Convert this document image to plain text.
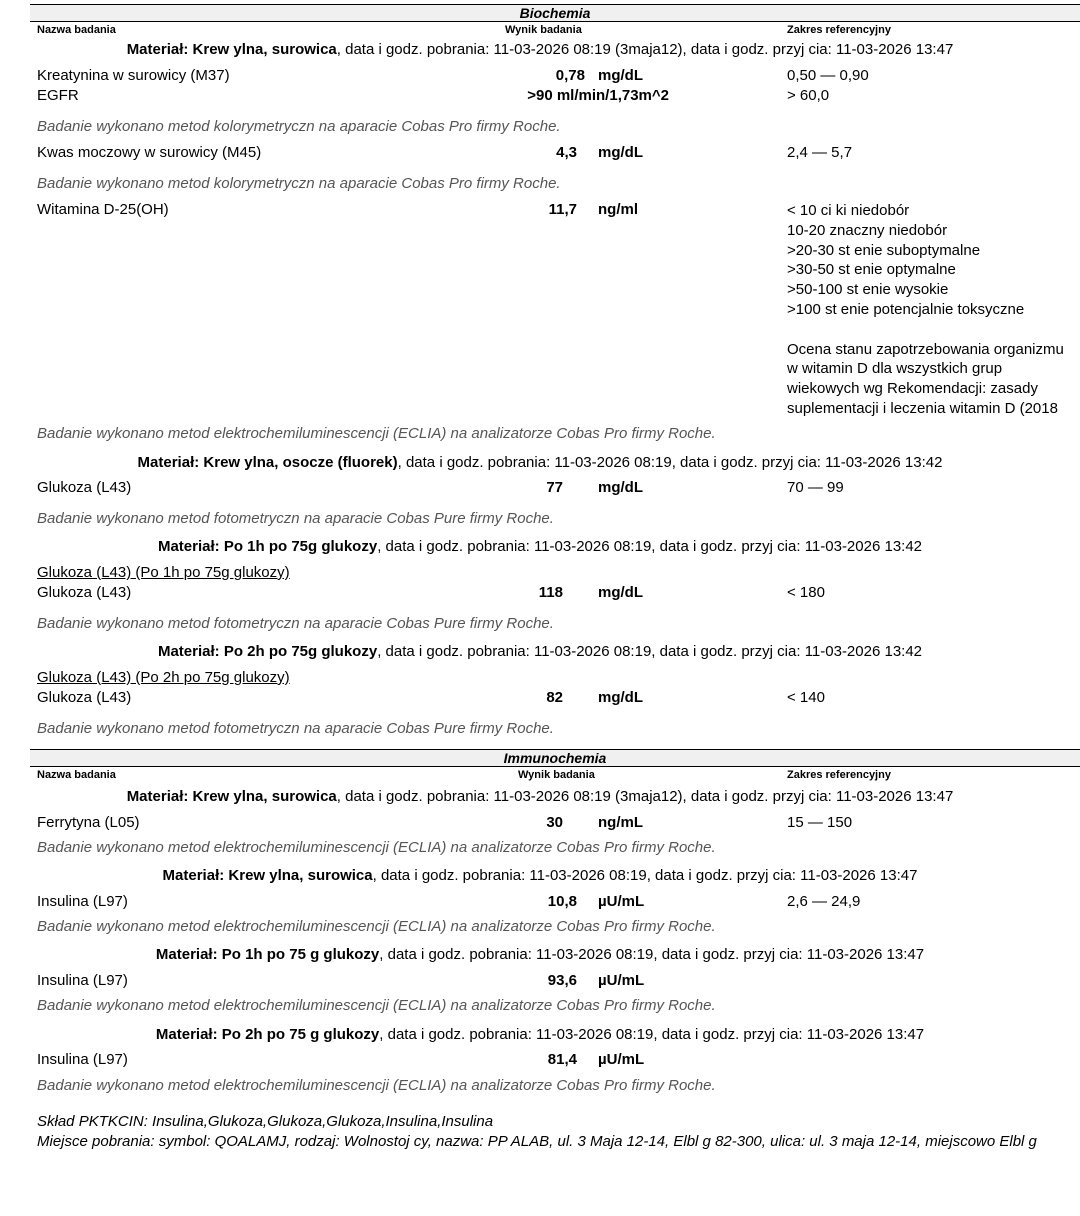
Biochemia
Nazwa badania	Wynik badania	Zakres referencyjny
Materiał: Krew ylna, surowica, data i godz. pobrania: 11-03-2026 08:19 (3maja12), data i godz. przyj cia: 11-03-2026 13:47
Kreatynina w surowicy (M37)	0,78 mg/dL	0,50 — 0,90
EGFR	>90 ml/min/1,73m^2	> 60,0
Badanie wykonano metod kolorymetryczn na aparacie Cobas Pro firmy Roche.
Kwas moczowy w surowicy (M45)	4,3 mg/dL	2,4 — 5,7
Badanie wykonano metod kolorymetryczn na aparacie Cobas Pro firmy Roche.
Witamina D-25(OH)	11,7 ng/ml	< 10 ci ki niedobór
10-20 znaczny niedobór
>20-30 st enie suboptymalne
>30-50 st enie optymalne
>50-100 st enie wysokie
>100 st enie potencjalnie toksyczne
Ocena stanu zapotrzebowania organizmu
w witamin D dla wszystkich grup
wiekowych wg Rekomendacji: zasady
suplementacji i leczenia witamin D (2018
Badanie wykonano metod elektrochemiluminescencji (ECLIA) na analizatorze Cobas Pro firmy Roche.
Materiał: Krew ylna, osocze (fluorek), data i godz. pobrania: 11-03-2026 08:19, data i godz. przyj cia: 11-03-2026 13:42
Glukoza (L43)	77 mg/dL	70 — 99
Badanie wykonano metod fotometryczn na aparacie Cobas Pure firmy Roche.
Materiał: Po 1h po 75g glukozy, data i godz. pobrania: 11-03-2026 08:19, data i godz. przyj cia: 11-03-2026 13:42
Glukoza (L43) (Po 1h po 75g glukozy)
Glukoza (L43)	118 mg/dL	< 180
Badanie wykonano metod fotometryczn na aparacie Cobas Pure firmy Roche.
Materiał: Po 2h po 75g glukozy, data i godz. pobrania: 11-03-2026 08:19, data i godz. przyj cia: 11-03-2026 13:42
Glukoza (L43) (Po 2h po 75g glukozy)
Glukoza (L43)	82 mg/dL	< 140
Badanie wykonano metod fotometryczn na aparacie Cobas Pure firmy Roche.
Immunochemia
Nazwa badania	Wynik badania	Zakres referencyjny
Materiał: Krew ylna, surowica, data i godz. pobrania: 11-03-2026 08:19 (3maja12), data i godz. przyj cia: 11-03-2026 13:47
Ferrytyna (L05)	30 ng/mL	15 — 150
Badanie wykonano metod elektrochemiluminescencji (ECLIA) na analizatorze Cobas Pro firmy Roche.
Materiał: Krew ylna, surowica, data i godz. pobrania: 11-03-2026 08:19, data i godz. przyj cia: 11-03-2026 13:47
Insulina (L97)	10,8 µU/mL	2,6 — 24,9
Badanie wykonano metod elektrochemiluminescencji (ECLIA) na analizatorze Cobas Pro firmy Roche.
Materiał: Po 1h po 75 g glukozy, data i godz. pobrania: 11-03-2026 08:19, data i godz. przyj cia: 11-03-2026 13:47
Insulina (L97)	93,6 µU/mL
Badanie wykonano metod elektrochemiluminescencji (ECLIA) na analizatorze Cobas Pro firmy Roche.
Materiał: Po 2h po 75 g glukozy, data i godz. pobrania: 11-03-2026 08:19, data i godz. przyj cia: 11-03-2026 13:47
Insulina (L97)	81,4 µU/mL
Badanie wykonano metod elektrochemiluminescencji (ECLIA) na analizatorze Cobas Pro firmy Roche.
Skład PKTKCIN: Insulina,Glukoza,Glukoza,Glukoza,Insulina,Insulina
Miejsce pobrania: symbol: QOALAMJ, rodzaj: Wolnostoj cy, nazwa: PP ALAB, ul. 3 Maja 12-14, Elbl g 82-300, ulica: ul. 3 maja 12-14, miejscowo Elbl g
